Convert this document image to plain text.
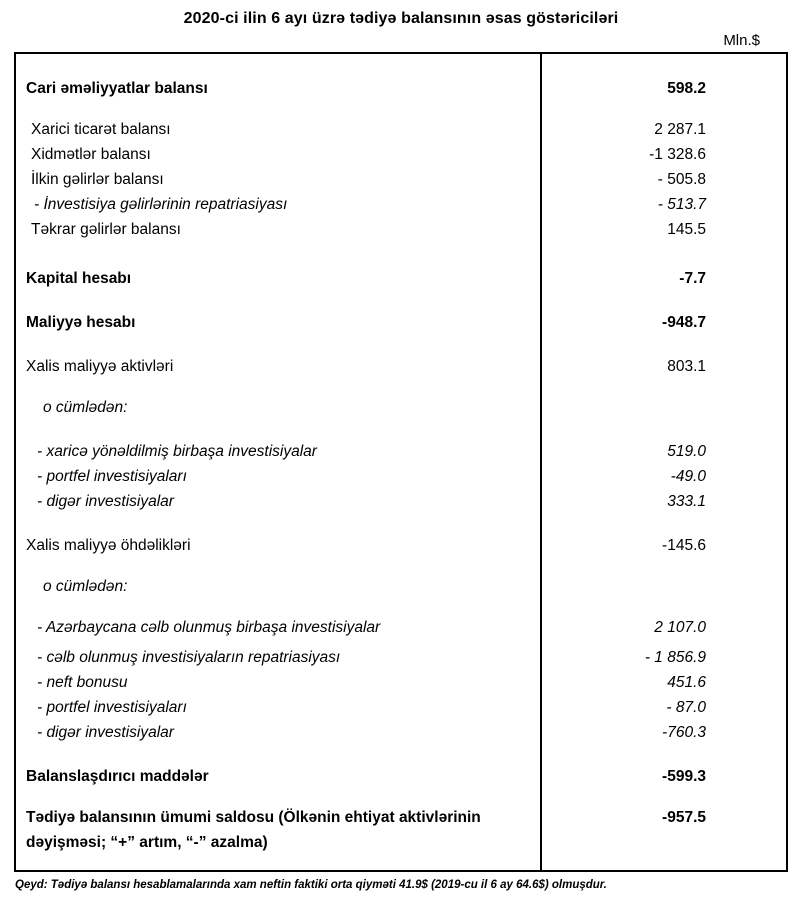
2020-ci ilin 6 ayı üzrə tədiyə balansının əsas göstəriciləri
Mln.$
Cari əməliyyatlar balansı	598.2
Xarici ticarət balansı	2 287.1
Xidmətlər balansı	-1 328.6
İlkin gəlirlər balansı	- 505.8
- İnvestisiya gəlirlərinin repatriasiyası	- 513.7
Təkrar gəlirlər balansı	145.5
Kapital hesabı	-7.7
Maliyyə hesabı	-948.7
Xalis maliyyə aktivləri	803.1
o cümlədən:
- xaricə yönəldilmiş birbaşa investisiyalar	519.0
- portfel investisiyaları	-49.0
- digər investisiyalar	333.1
Xalis maliyyə öhdəlikləri	-145.6
o cümlədən:
- Azərbaycana cəlb olunmuş birbaşa investisiyalar	2 107.0
- cəlb olunmuş investisiyaların repatriasiyası	- 1 856.9
- neft bonusu	451.6
- portfel investisiyaları	- 87.0
- digər investisiyalar	-760.3
Balanslaşdırıcı maddələr	-599.3
Tədiyə balansının ümumi saldosu (Ölkənin ehtiyat aktivlərinin dəyişməsi; “+” artım, “-” azalma)
-957.5
Qeyd: Tədiyə balansı hesablamalarında xam neftin faktiki orta qiyməti 41.9$ (2019-cu il 6 ay 64.6$) olmuşdur.
